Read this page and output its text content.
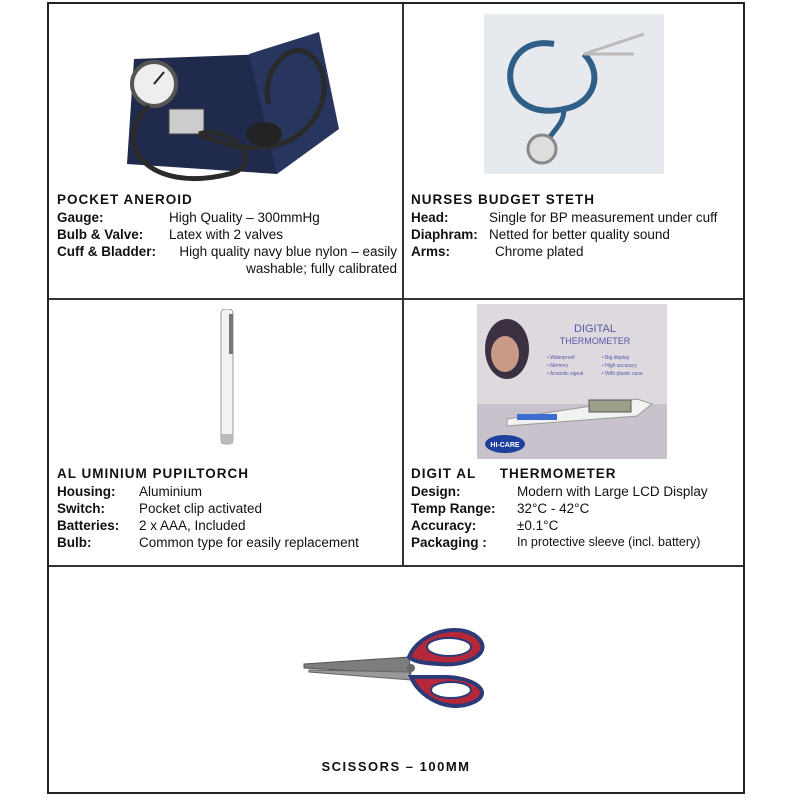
POCKET ANEROID
Gauge:	High Quality – 300mmHg
Bulb & Valve:	Latex with 2 valves
Cuff & Bladder:	High quality navy blue nylon – easily washable; fully calibrated
NURSES BUDGET STETH
Head:	Single for BP measurement under cuff
Diaphram: Netted for better quality sound
Arms:	Chrome plated
AL UMINIUM PUPILTORCH
Housing:	Aluminium
Switch:	Pocket clip activated
Batteries:	2 x AAA, Included
Bulb:	Common type for easily replacement
DIGITAL
THERMOMETER
• Waterproof	• Big display
• Memory	• High accuracy
• Acoustic signal	• With plastic case
HI-CARE
DIGIT AL     THERMOMETER
Design:	Modern with Large LCD Display
Temp Range:	32°C - 42°C
Accuracy:	±0.1°C
Packaging :	In protective sleeve (incl. battery)
SCISSORS – 100MM
